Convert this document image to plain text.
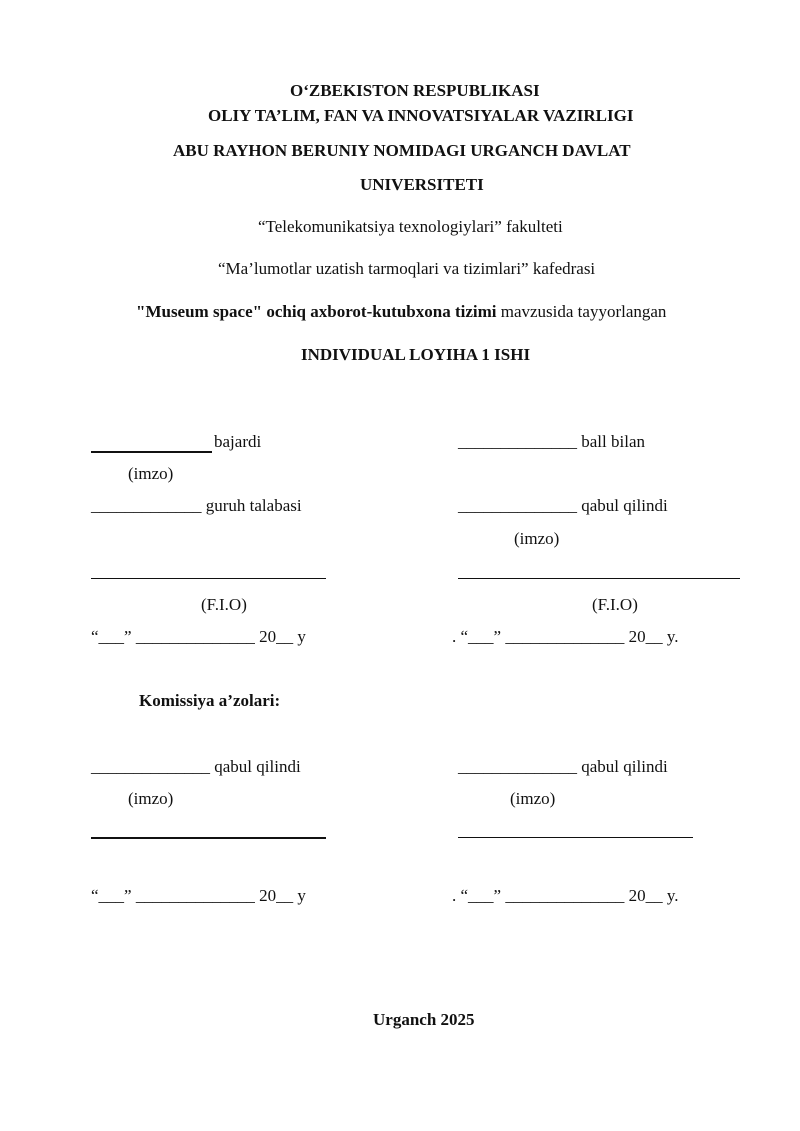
O‘ZBEKISTON RESPUBLIKASI
OLIY TA’LIM, FAN VA INNOVATSIYALAR VAZIRLIGI
ABU RAYHON BERUNIY NOMIDAGI URGANCH DAVLAT
UNIVERSITETI
“Telekomunikatsiya texnologiylari” fakulteti
“Ma’lumotlar uzatish tarmoqlari va tizimlari” kafedrasi
"Museum space" ochiq axborot-kutubxona tizimi mavzusida tayyorlangan
INDIVIDUAL LOYIHA 1 ISHI
bajardi
(imzo)
_____________ guruh talabasi
(F.I.O)
“___” ______________ 20__ y
______________ ball bilan
______________ qabul qilindi
(imzo)
(F.I.O)
. “___” ______________ 20__ y.
Komissiya a’zolari:
______________ qabul qilindi
(imzo)
“___” ______________ 20__ y
______________ qabul qilindi
(imzo)
. “___” ______________ 20__ y.
Urganch 2025
